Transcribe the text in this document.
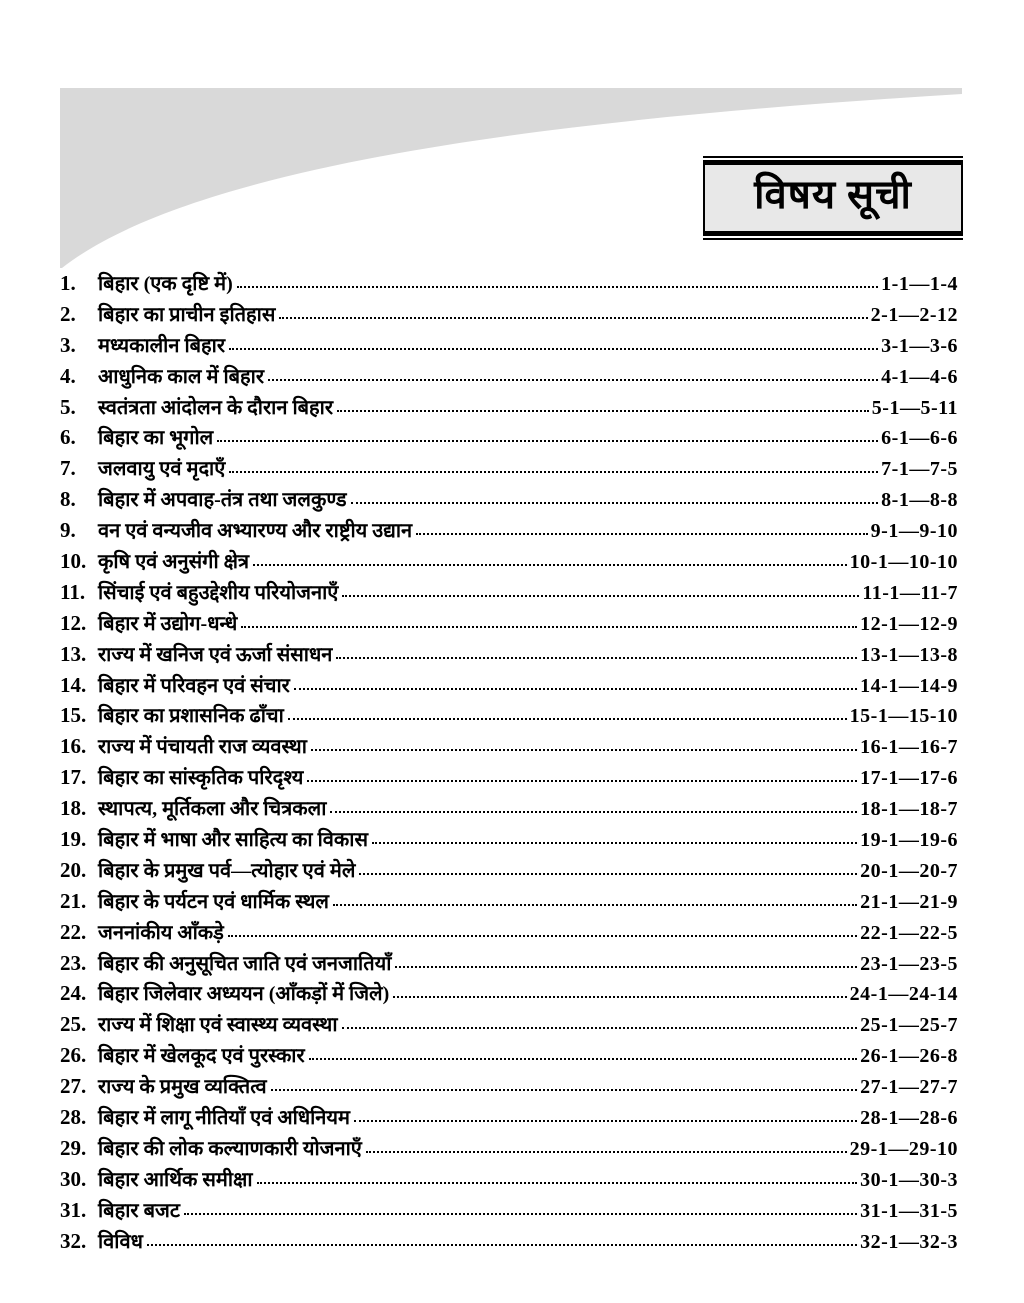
विषय सूची
1.	बिहार (एक दृष्टि में)	1-1—1-4
2.	बिहार का प्राचीन इतिहास	2-1—2-12
3.	मध्यकालीन बिहार	3-1—3-6
4.	आधुनिक काल में बिहार	4-1—4-6
5.	स्वतंत्रता आंदोलन के दौरान बिहार	5-1—5-11
6.	बिहार का भूगोल	6-1—6-6
7.	जलवायु एवं मृदाएँ	7-1—7-5
8.	बिहार में अपवाह-तंत्र तथा जलकुण्ड	8-1—8-8
9.	वन एवं वन्यजीव अभ्यारण्य और राष्ट्रीय उद्यान	9-1—9-10
10. कृषि एवं अनुसंगी क्षेत्र	10-1—10-10
11. सिंचाई एवं बहुउद्देशीय परियोजनाएँ	11-1—11-7
12. बिहार में उद्योग-धन्धे	12-1—12-9
13. राज्य में खनिज एवं ऊर्जा संसाधन	13-1—13-8
14. बिहार में परिवहन एवं संचार	14-1—14-9
15. बिहार का प्रशासनिक ढाँचा	15-1—15-10
16. राज्य में पंचायती राज व्यवस्था	16-1—16-7
17. बिहार का सांस्कृतिक परिदृश्य	17-1—17-6
18. स्थापत्य, मूर्तिकला और चित्रकला	18-1—18-7
19. बिहार में भाषा और साहित्य का विकास	19-1—19-6
20. बिहार के प्रमुख पर्व—त्योहार एवं मेले	20-1—20-7
21. बिहार के पर्यटन एवं धार्मिक स्थल	21-1—21-9
22. जननांकीय आँकड़े	22-1—22-5
23. बिहार की अनुसूचित जाति एवं जनजातियाँ	23-1—23-5
24. बिहार जिलेवार अध्ययन (आँकड़ों में जिले)	24-1—24-14
25. राज्य में शिक्षा एवं स्वास्थ्य व्यवस्था	25-1—25-7
26. बिहार में खेलकूद एवं पुरस्कार	26-1—26-8
27. राज्य के प्रमुख व्यक्तित्व	27-1—27-7
28. बिहार में लागू नीतियाँ एवं अधिनियम	28-1—28-6
29. बिहार की लोक कल्याणकारी योजनाएँ	29-1—29-10
30. बिहार आर्थिक समीक्षा	30-1—30-3
31. बिहार बजट	31-1—31-5
32. विविध	32-1—32-3
